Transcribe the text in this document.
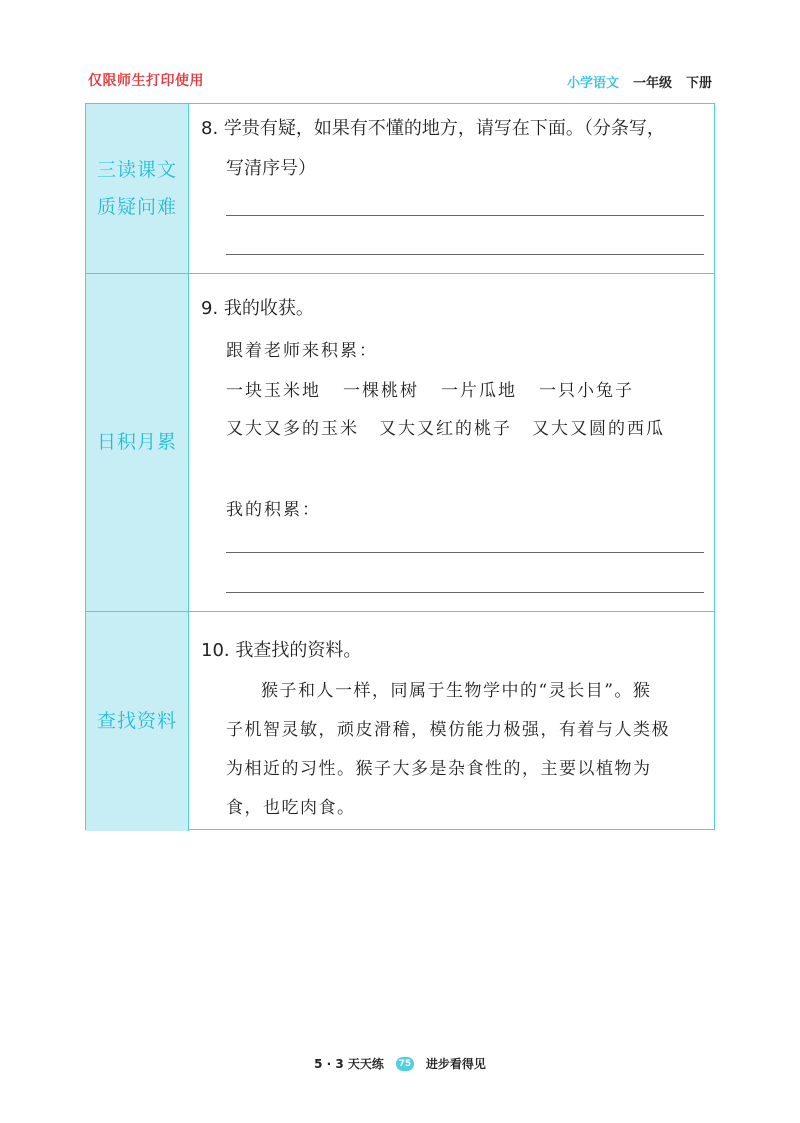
仅限师生打印使用	小学语文 一年级 下册
三读课文
质疑问难
8. 学贵有疑，如果有不懂的地方，请写在下面。（分条写，
写清序号）
日积月累
9. 我的收获。
跟着老师来积累：
一块玉米地 一棵桃树 一片瓜地 一只小兔子
又大又多的玉米 又大又红的桃子 又大又圆的西瓜
我的积累：
查找资料
10. 我查找的资料。
猴子和人一样，同属于生物学中的“灵长目”。猴
子机智灵敏，顽皮滑稽，模仿能力极强，有着与人类极
为相近的习性。猴子大多是杂食性的，主要以植物为
食，也吃肉食。
5 · 3 天天练	75 进步看得见
